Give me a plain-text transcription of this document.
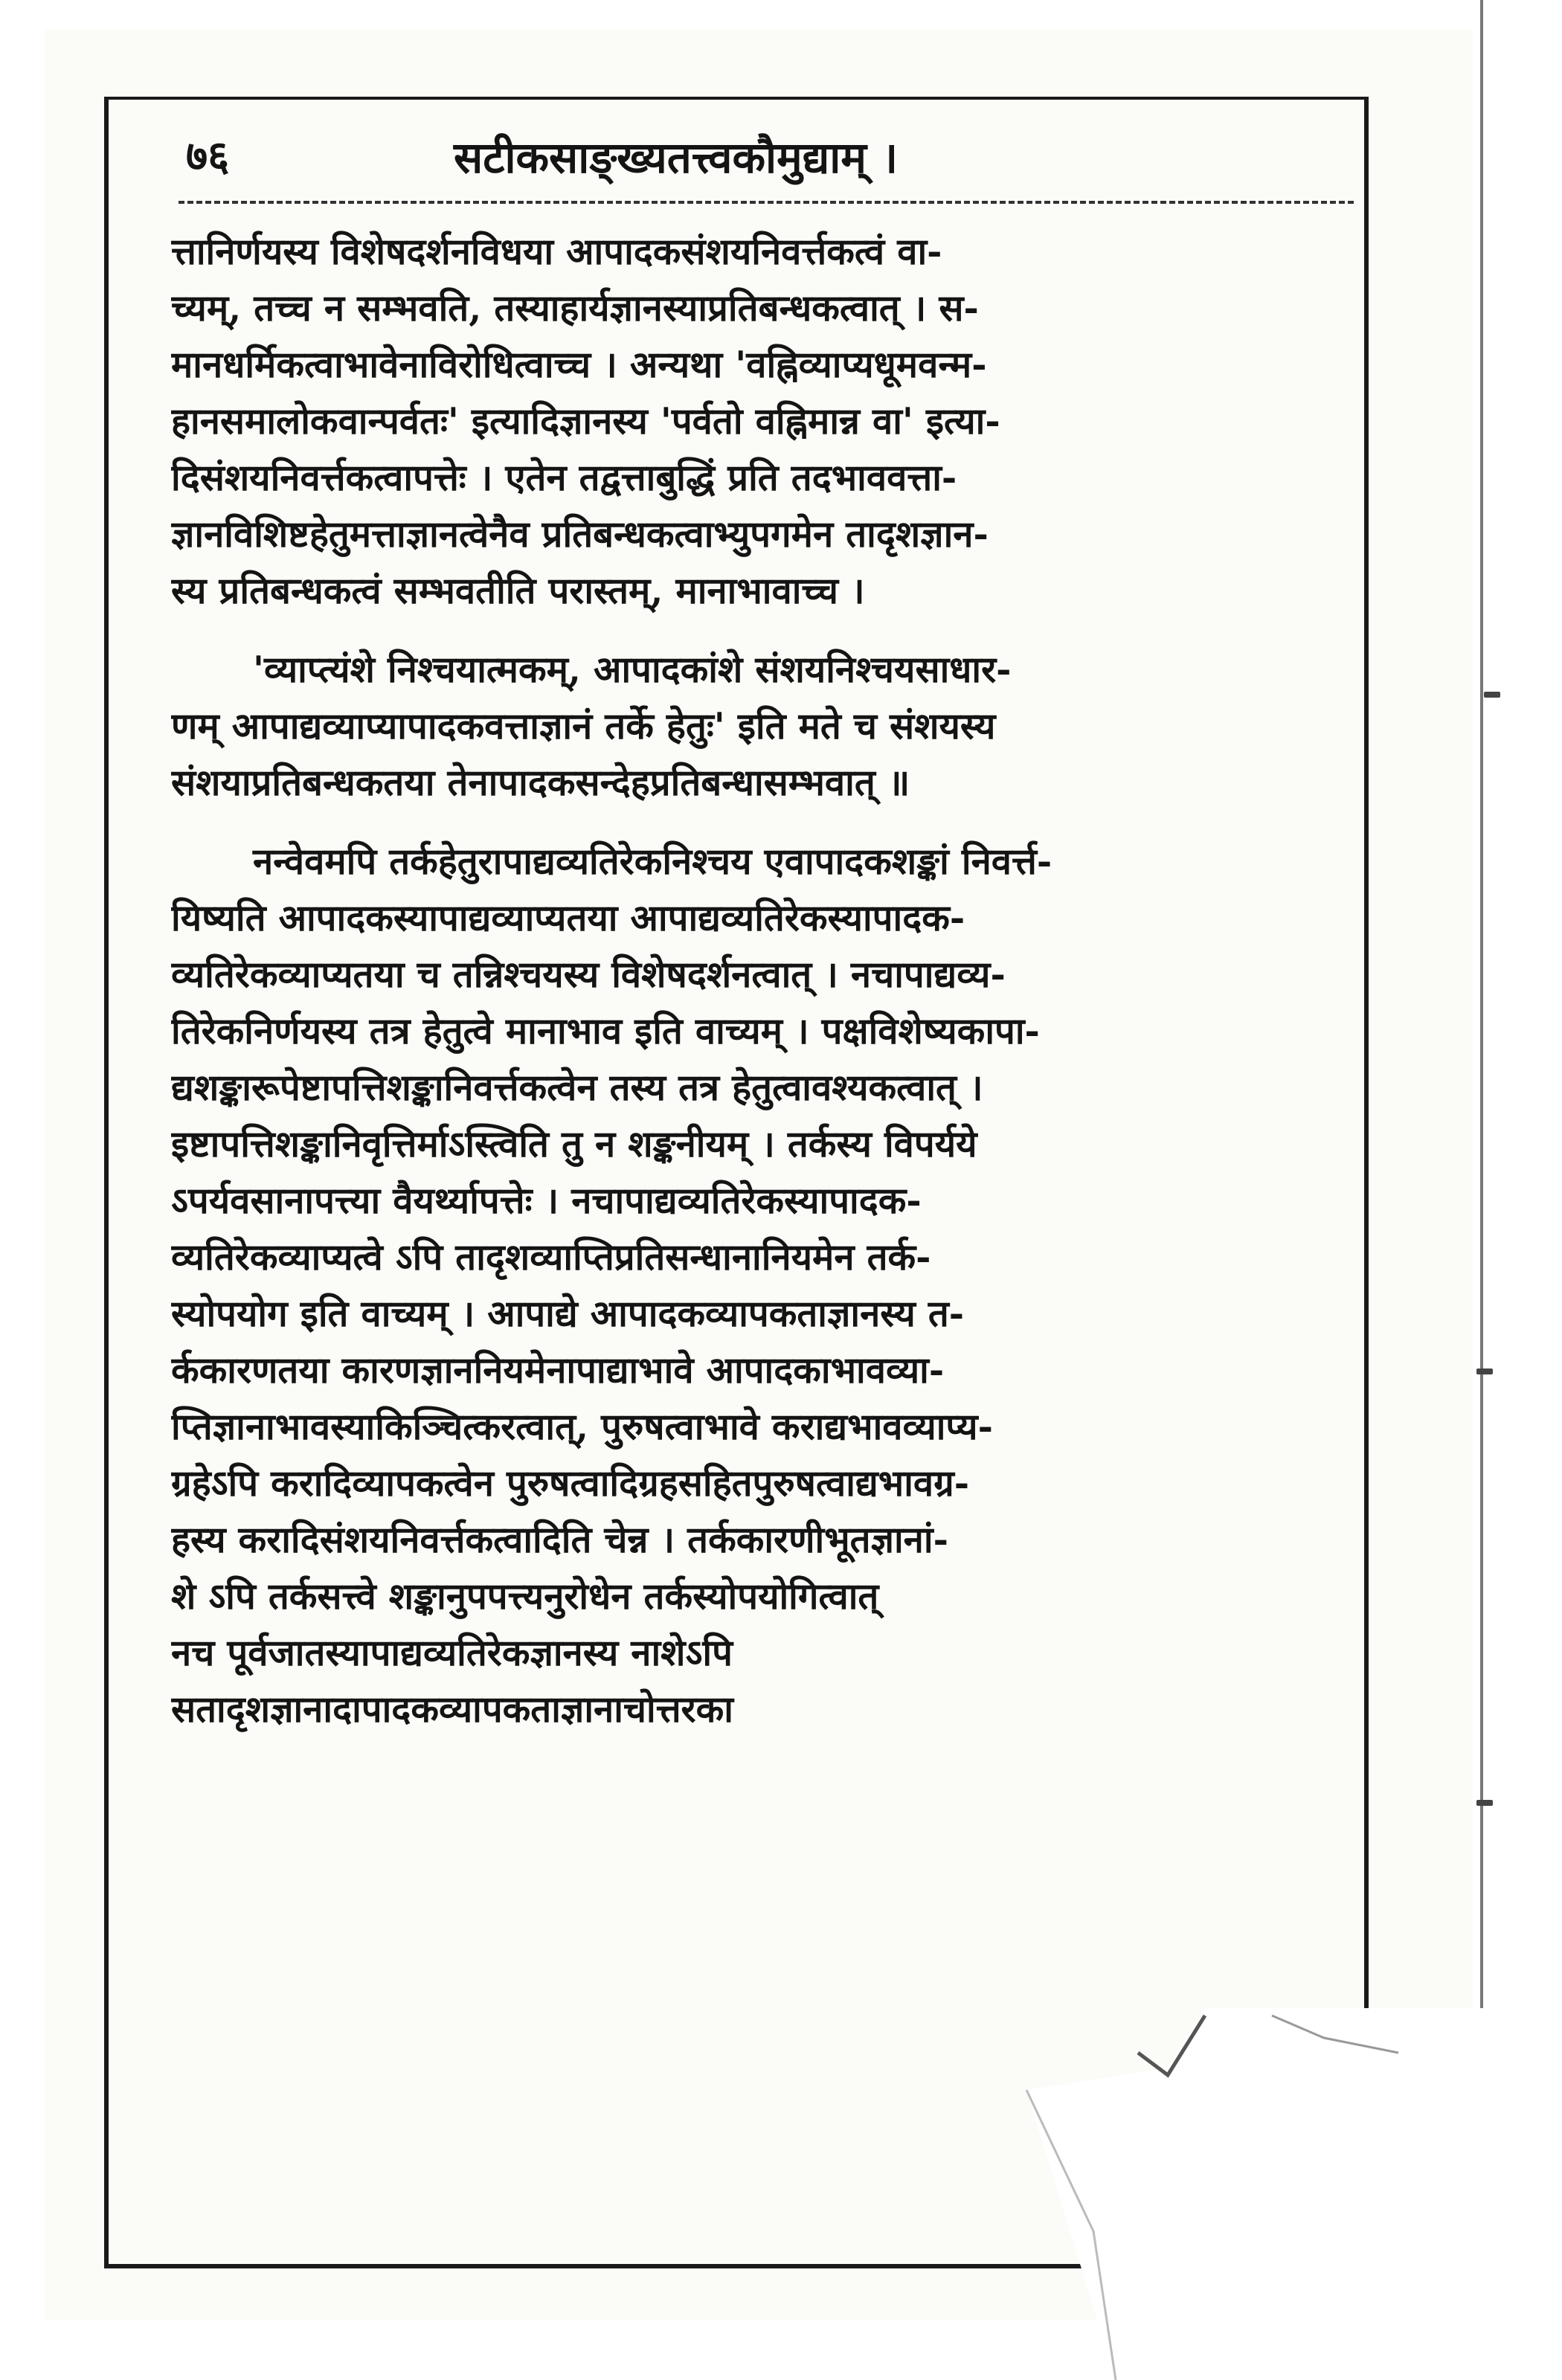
७६	सटीकसाङ्ख्यतत्त्वकौमुद्याम् ।
त्तानिर्णयस्य विशेषदर्शनविधया आपादकसंशयनिवर्त्तकत्वं वा-
च्यम्, तच्च न सम्भवति, तस्याहार्यज्ञानस्याप्रतिबन्धकत्वात् । स-
मानधर्मिकत्वाभावेनाविरोधित्वाच्च । अन्यथा 'वह्निव्याप्यधूमवन्म-
हानसमालोकवान्पर्वतः' इत्यादिज्ञानस्य 'पर्वतो वह्निमान्न वा' इत्या-
दिसंशयनिवर्त्तकत्वापत्तेः । एतेन तद्वत्ताबुद्धिं प्रति तदभाववत्ता-
ज्ञानविशिष्टहेतुमत्ताज्ञानत्वेनैव प्रतिबन्धकत्वाभ्युपगमेन तादृशज्ञान-
स्य प्रतिबन्धकत्वं सम्भवतीति परास्तम्, मानाभावाच्च ।
'व्याप्त्यंशे निश्चयात्मकम्, आपादकांशे संशयनिश्चयसाधार-
णम् आपाद्यव्याप्यापादकवत्ताज्ञानं तर्के हेतुः' इति मते च संशयस्य
संशयाप्रतिबन्धकतया तेनापादकसन्देहप्रतिबन्धासम्भवात् ॥
नन्वेवमपि तर्कहेतुरापाद्यव्यतिरेकनिश्चय एवापादकशङ्कां निवर्त्त-
यिष्यति आपादकस्यापाद्यव्याप्यतया आपाद्यव्यतिरेकस्यापादक-
व्यतिरेकव्याप्यतया च तन्निश्चयस्य विशेषदर्शनत्वात् । नचापाद्यव्य-
तिरेकनिर्णयस्य तत्र हेतुत्वे मानाभाव इति वाच्यम् । पक्षविशेष्यकापा-
द्यशङ्कारूपेष्टापत्तिशङ्कानिवर्त्तकत्वेन तस्य तत्र हेतुत्वावश्यकत्वात् ।
इष्टापत्तिशङ्कानिवृत्तिर्माऽस्त्विति तु न शङ्कनीयम् । तर्कस्य विपर्यये
ऽपर्यवसानापत्त्या वैयर्थ्यापत्तेः । नचापाद्यव्यतिरेकस्यापादक-
व्यतिरेकव्याप्यत्वे ऽपि तादृशव्याप्तिप्रतिसन्धानानियमेन तर्क-
स्योपयोग इति वाच्यम् । आपाद्ये आपादकव्यापकताज्ञानस्य त-
र्ककारणतया कारणज्ञाननियमेनापाद्याभावे आपादकाभावव्या-
प्तिज्ञानाभावस्याकिञ्चित्करत्वात्, पुरुषत्वाभावे कराद्यभावव्याप्य-
ग्रहेऽपि करादिव्यापकत्वेन पुरुषत्वादिग्रहसहितपुरुषत्वाद्यभावग्र-
हस्य करादिसंशयनिवर्त्तकत्वादिति चेन्न । तर्ककारणीभूतज्ञानां-
शे ऽपि तर्कसत्त्वे शङ्कानुपपत्त्यनुरोधेन तर्कस्योपयोगित्वात्
नच पूर्वजातस्यापाद्यव्यतिरेकज्ञानस्य नाशेऽपि
सतादृशज्ञानादापादकव्यापकताज्ञानाचोत्तरका
